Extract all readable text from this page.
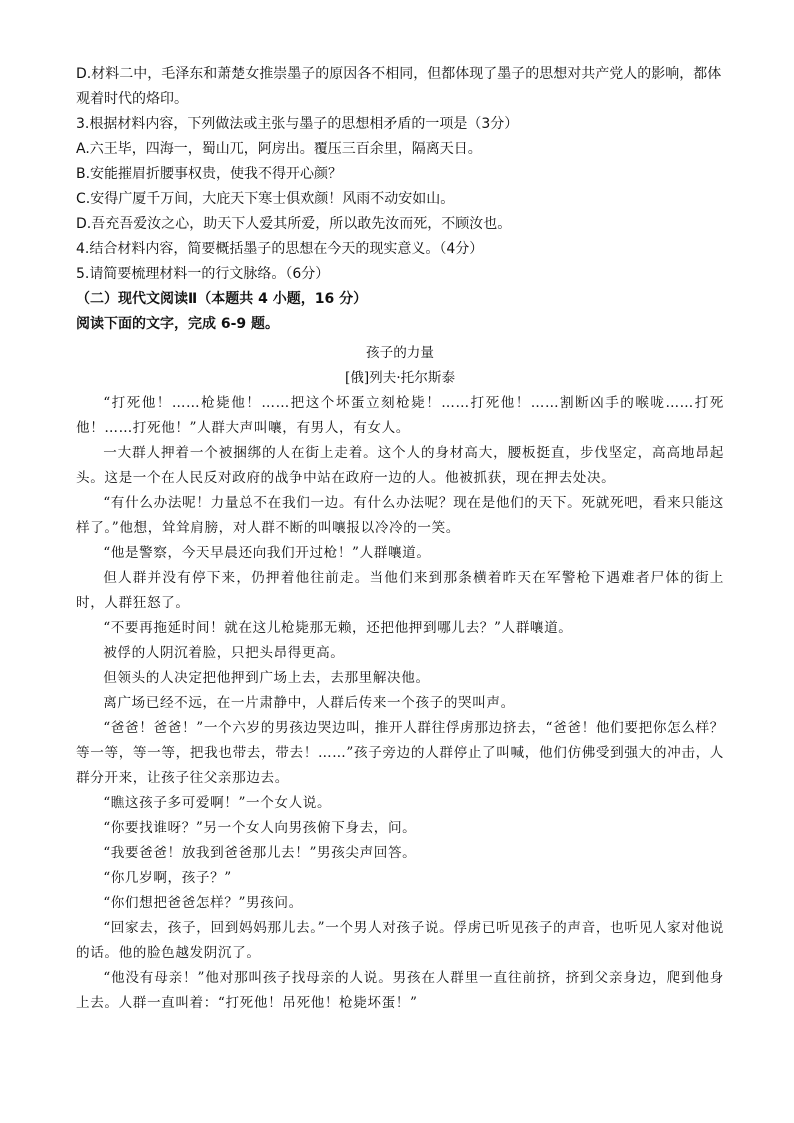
D.材料二中，毛泽东和萧楚女推崇墨子的原因各不相同，但都体现了墨子的思想对共产党人的影响，都体观着时代的烙印。
3.根据材料内容，下列做法或主张与墨子的思想相矛盾的一项是（3分）
A.六王毕，四海一，蜀山兀，阿房出。覆压三百余里，隔离天日。
B.安能摧眉折腰事权贵，使我不得开心颜？
C.安得广厦千万间，大庇天下寒士俱欢颜！风雨不动安如山。
D.吾充吾爱汝之心，助天下人爱其所爱，所以敢先汝而死，不顾汝也。
4.结合材料内容，简要概括墨子的思想在今天的现实意义。（4分）
5.请简要梳理材料一的行文脉络。（6分）
（二）现代文阅读Ⅱ（本题共 4 小题，16 分）
阅读下面的文字，完成 6-9 题。
孩子的力量
[俄]列夫·托尔斯泰

“打死他！……枪毙他！……把这个坏蛋立刻枪毙！……打死他！……割断凶手的喉咙……打死他！……打死他！”人群大声叫嚷，有男人，有女人。

一大群人押着一个被捆绑的人在街上走着。这个人的身材高大，腰板挺直，步伐坚定，高高地昂起头。这是一个在人民反对政府的战争中站在政府一边的人。他被抓获，现在押去处决。

“有什么办法呢！力量总不在我们一边。有什么办法呢？现在是他们的天下。死就死吧，看来只能这样了。”他想，耸耸肩膀，对人群不断的叫嚷报以冷冷的一笑。

“他是警察，今天早晨还向我们开过枪！”人群嚷道。

但人群并没有停下来，仍押着他往前走。当他们来到那条横着昨天在军警枪下遇难者尸体的街上时，人群狂怒了。

“不要再拖延时间！就在这儿枪毙那无赖，还把他押到哪儿去？”人群嚷道。

被俘的人阴沉着脸，只把头昂得更高。

但领头的人决定把他押到广场上去，去那里解决他。

离广场已经不远，在一片肃静中，人群后传来一个孩子的哭叫声。

“爸爸！爸爸！”一个六岁的男孩边哭边叫，推开人群往俘虏那边挤去，“爸爸！他们要把你怎么样？等一等，等一等，把我也带去，带去！……”孩子旁边的人群停止了叫喊，他们仿佛受到强大的冲击，人群分开来，让孩子往父亲那边去。

“瞧这孩子多可爱啊！”一个女人说。

“你要找谁呀？”另一个女人向男孩俯下身去，问。

“我要爸爸！放我到爸爸那儿去！”男孩尖声回答。

“你几岁啊，孩子？”

“你们想把爸爸怎样？”男孩问。

“回家去，孩子，回到妈妈那儿去。”一个男人对孩子说。俘虏已听见孩子的声音，也听见人家对他说的话。他的脸色越发阴沉了。

“他没有母亲！”他对那叫孩子找母亲的人说。男孩在人群里一直往前挤，挤到父亲身边，爬到他身上去。人群一直叫着：“打死他！吊死他！枪毙坏蛋！”
